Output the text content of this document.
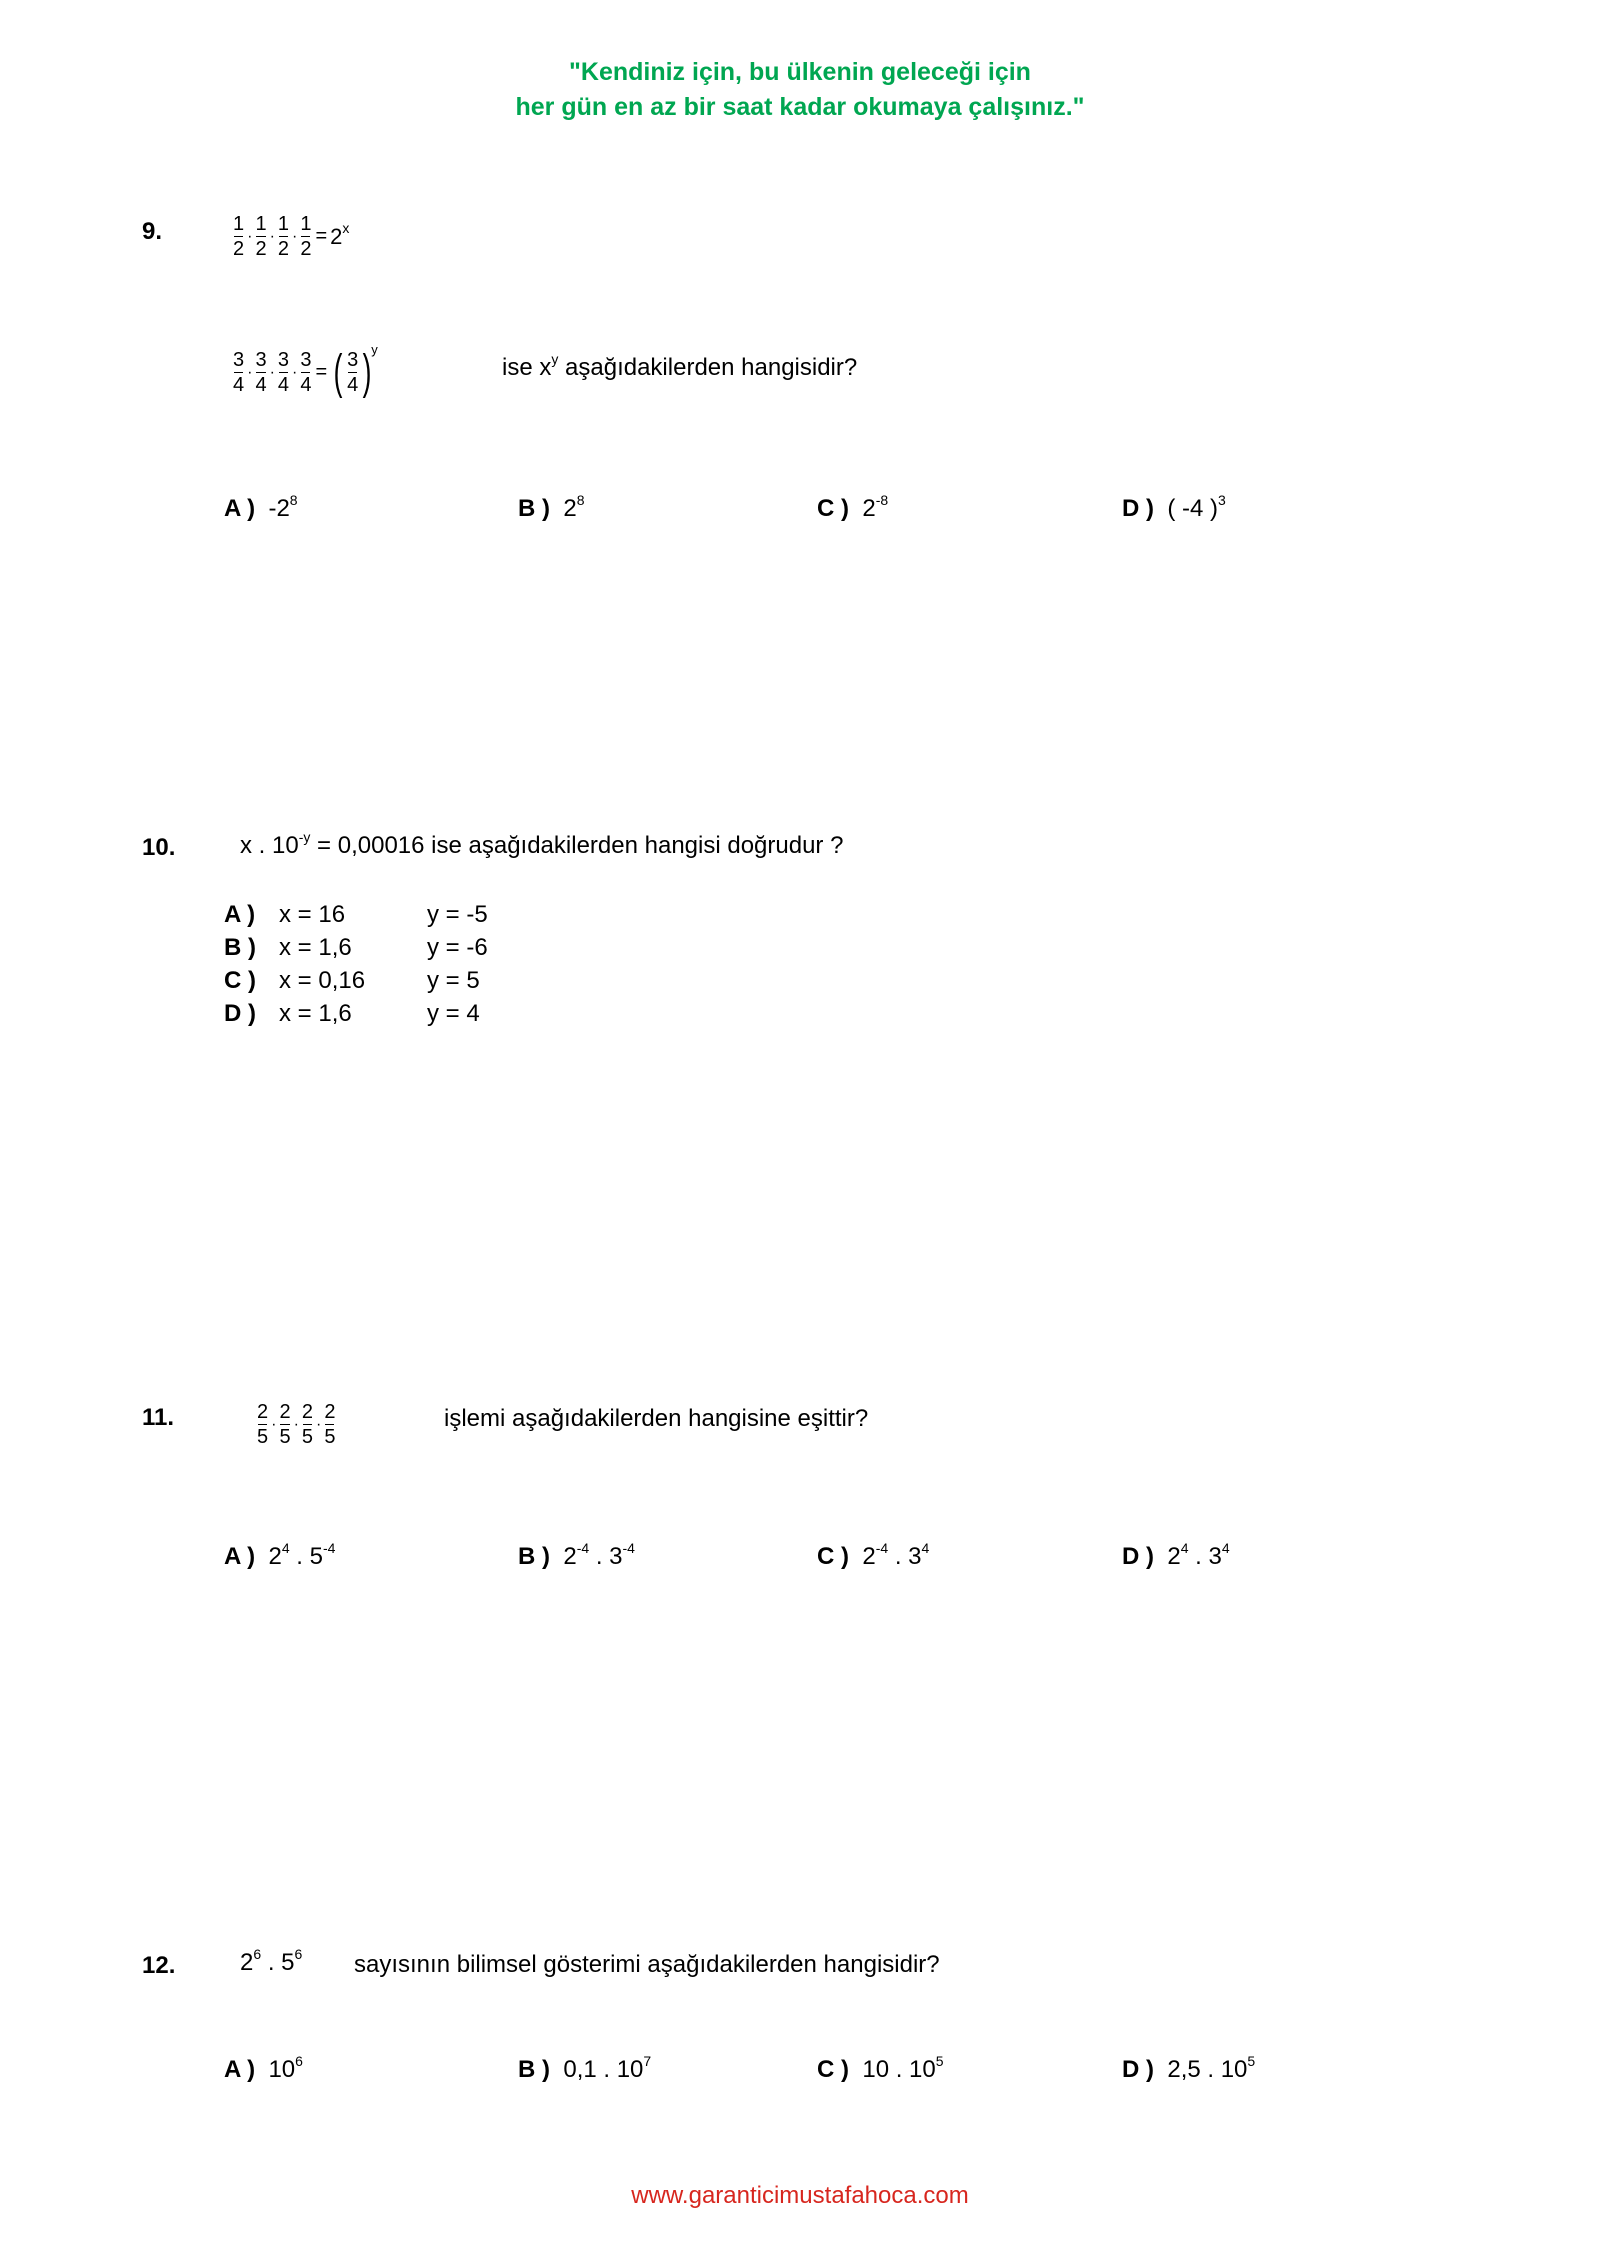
"Kendiniz için, bu ülkenin geleceği için
her gün en az bir saat kadar okumaya çalışınız."
9.	$\frac{1}{2} \cdot \frac{1}{2} \cdot \frac{1}{2} \cdot \frac{1}{2} = 2^x$
$\frac{3}{4} \cdot \frac{3}{4} \cdot \frac{3}{4} \cdot \frac{3}{4}$ = ( $\frac{3}{4} )y$
ise $x^y$ aşağıdakilerden hangisidir?
A ) $-2^8$	B ) $2^8$	C ) $2^{-8}$	D ) ( -4 )$^3$
10.	x . $10^{-y} = 0,00016$ ise aşağıdakilerden hangisi doğrudur ?
A )	x = 16	y = -5
B )	x = 1,6	y = -6
C )	x = 0,16	y = 5
D )	x = 1,6	y = 4
11.	$\frac{2}{5} \cdot \frac{2}{5} \cdot \frac{2}{5} \cdot \frac{2}{5}$	işlemi aşağıdakilerden hangisine eşittir?
A ) $2^4$ . $5^{-4}$	B ) $2^{-4}$ . $3^{-4}$	C ) $2^{-4}$ . $3^4$	D ) $2^4$ . $3^4$
12.	$2^6$ . $5^6$ sayısının bilimsel gösterimi aşağıdakilerden hangisidir?
A ) $10^6$	B ) 0,1 . $10^7$	C ) 10 . $10^5$	D ) 2,5 . $10^5$
www.garanticimustafahoca.com
